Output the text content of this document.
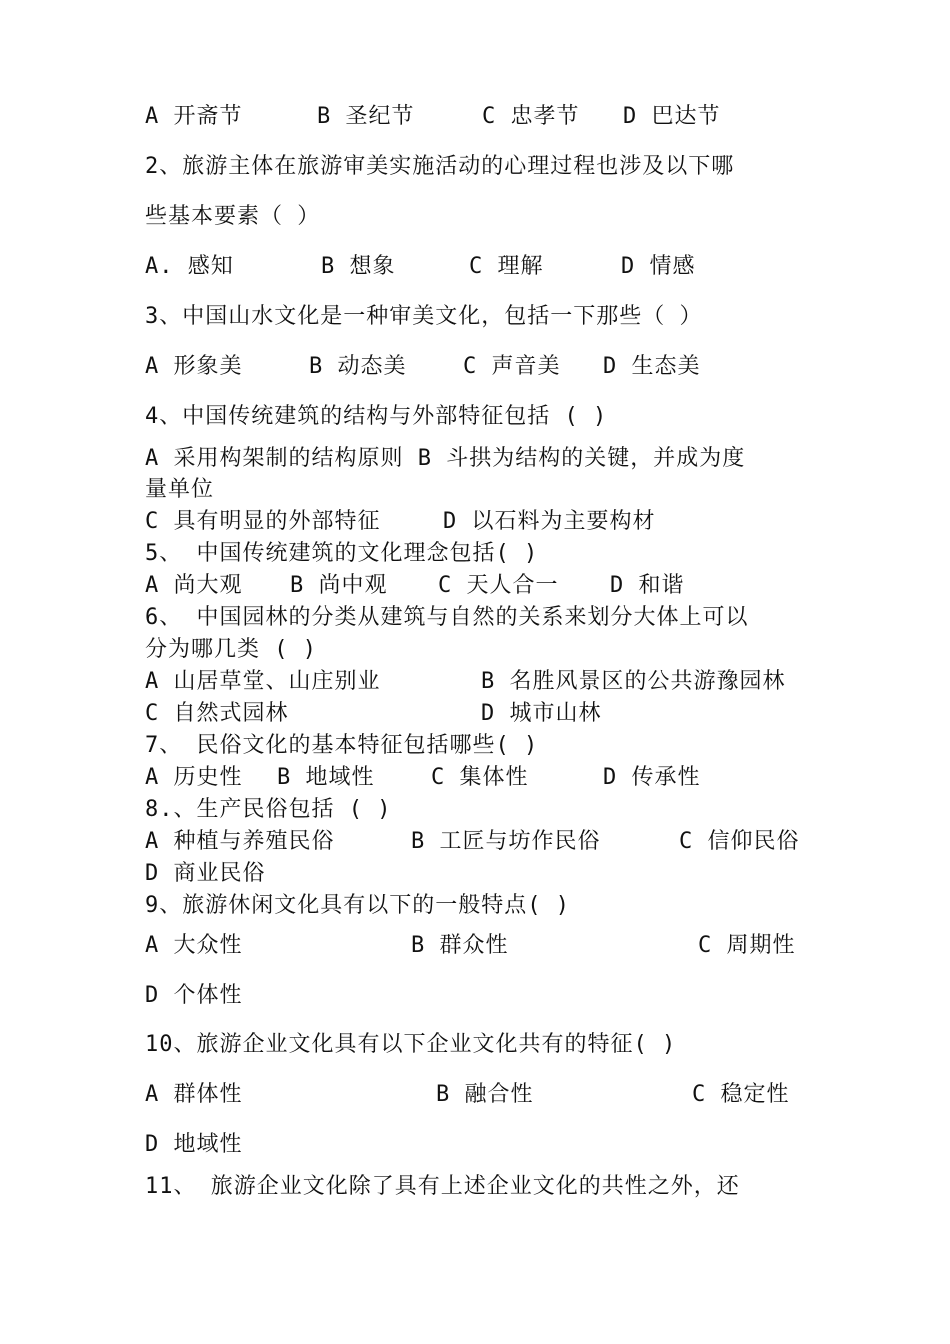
A 开斋节	B 圣纪节	C 忠孝节 D 巴达节
2、旅游主体在旅游审美实施活动的心理过程也涉及以下哪
些基本要素（ ）
A. 感知	B 想象	C 理解	D 情感
3、中国山水文化是一种审美文化，包括一下那些（ ）
A 形象美	B 动态美	C 声音美 D 生态美
4、中国传统建筑的结构与外部特征包括 ( )
A 采用构架制的结构原则 B 斗拱为结构的关键，并成为度
量单位
C 具有明显的外部特征	D 以石料为主要构材
5、 中国传统建筑的文化理念包括( )
A 尚大观 B 尚中观 C 天人合一 D 和谐
6、 中国园林的分类从建筑与自然的关系来划分大体上可以
分为哪几类 ( )
A 山居草堂、山庄别业	B 名胜风景区的公共游豫园林
C 自然式园林	D 城市山林
7、 民俗文化的基本特征包括哪些( )
A 历史性 B 地域性	C 集体性	D 传承性
8.、生产民俗包括 ( )
A 种植与养殖民俗	B 工匠与坊作民俗	C 信仰民俗
D 商业民俗
9、旅游休闲文化具有以下的一般特点( )
A 大众性	B 群众性	C 周期性
D 个体性
10、旅游企业文化具有以下企业文化共有的特征( )
A 群体性	B 融合性	C 稳定性
D 地域性
11、 旅游企业文化除了具有上述企业文化的共性之外，还
